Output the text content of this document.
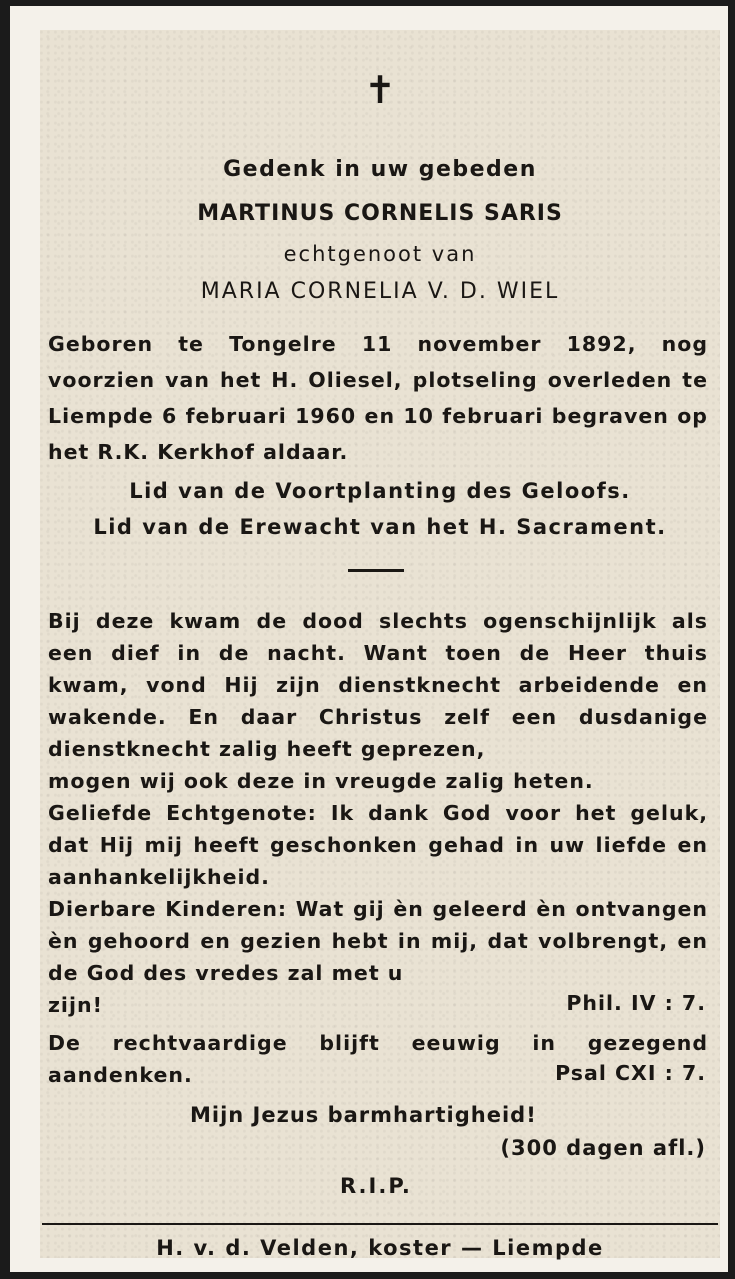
✝
Gedenk in uw gebeden
MARTINUS CORNELIS SARIS
echtgenoot van
MARIA CORNELIA V. D. WIEL
Geboren te Tongelre 11 november 1892, nog voorzien van het H. Oliesel, plotseling overleden te Liempde 6 februari 1960 en 10 februari begraven op het R.K. Kerkhof aldaar.
Lid van de Voortplanting des Geloofs.
Lid van de Erewacht van het H. Sacrament.
Bij deze kwam de dood slechts ogenschijnlijk als een dief in de nacht. Want toen de Heer thuis kwam, vond Hij zijn dienstknecht arbeidende en wakende. En daar Christus zelf een dusdanige dienstknecht zalig heeft geprezen,
mogen wij ook deze in vreugde zalig heten.
Geliefde Echtgenote: Ik dank God voor het geluk, dat Hij mij heeft geschonken gehad in uw liefde en aanhankelijkheid.
Dierbare Kinderen: Wat gij èn geleerd èn ontvangen èn gehoord en gezien hebt in mij, dat volbrengt, en de God des vredes zal met u
zijn!	Phil. IV : 7.
De rechtvaardige blijft eeuwig in gezegend aandenken.	Psal CXI : 7.
Mijn Jezus barmhartigheid!
(300 dagen afl.)
R.I.P.
H. v. d. Velden, koster — Liempde
